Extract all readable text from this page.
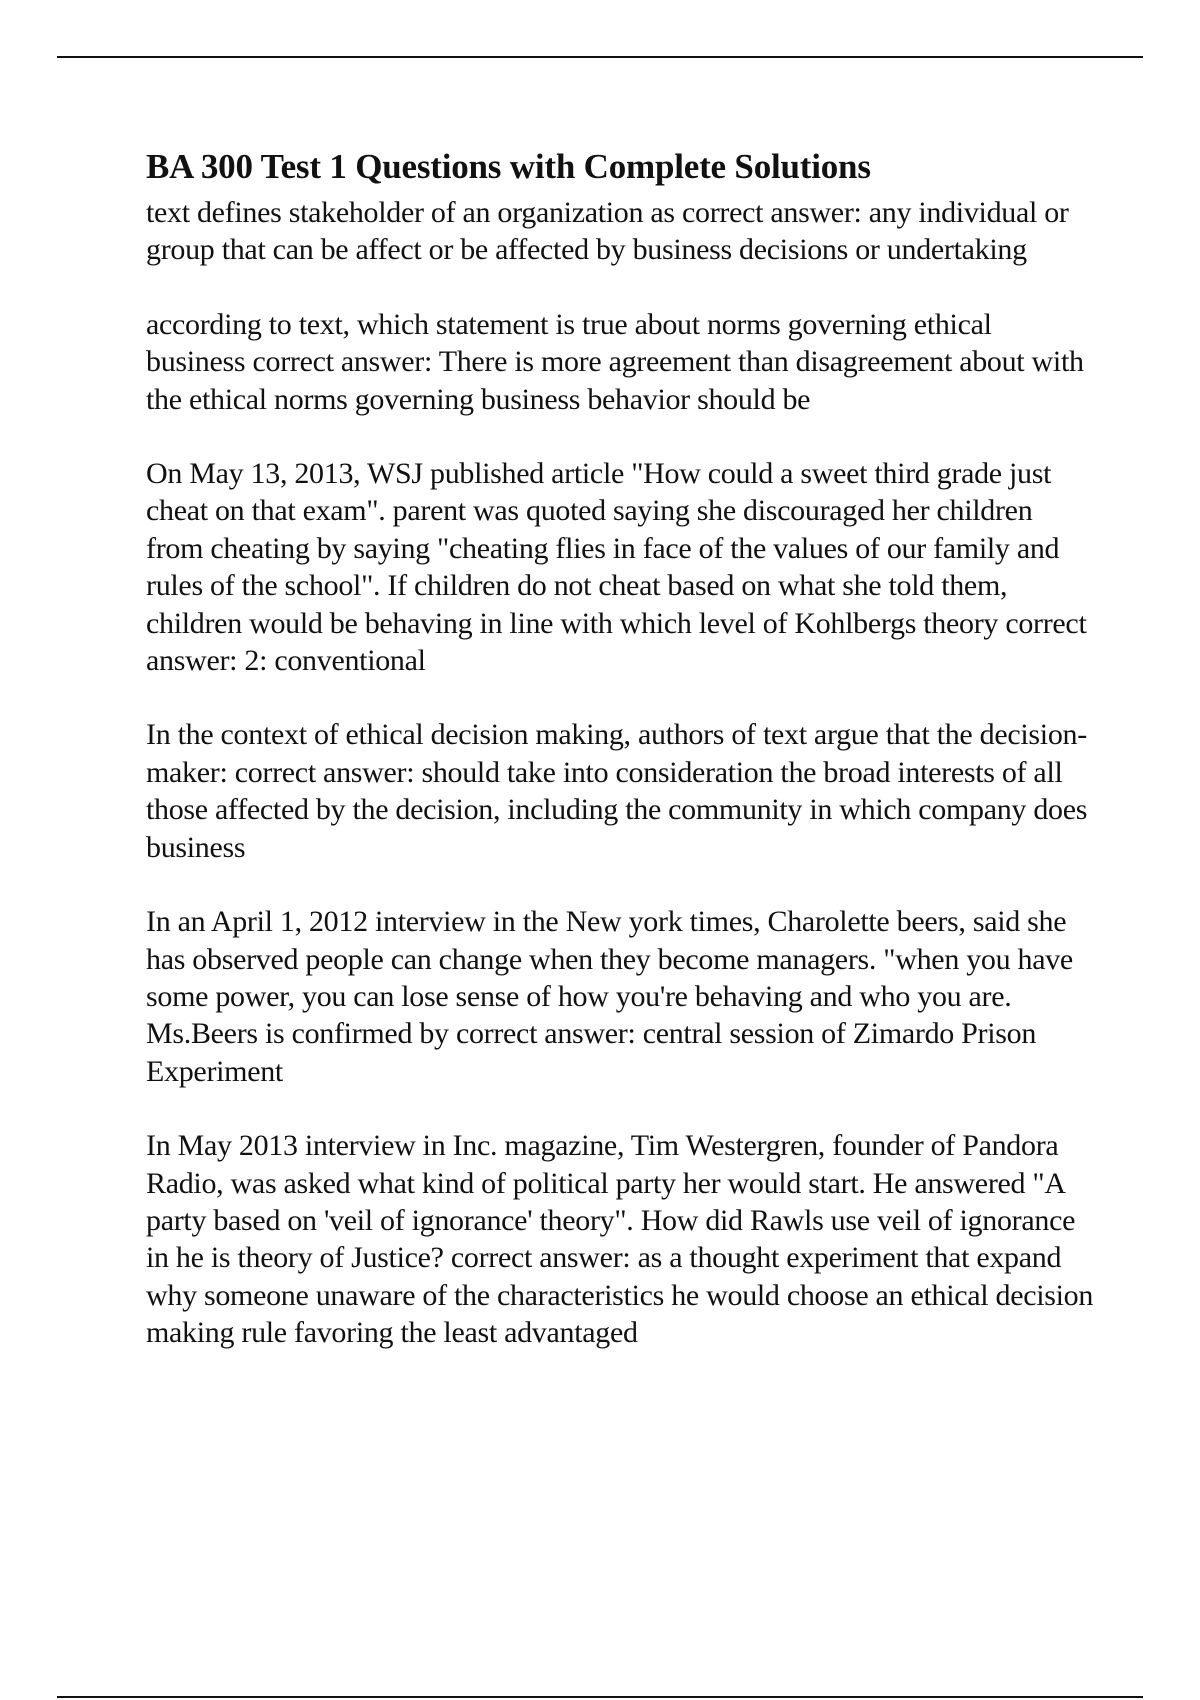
BA 300 Test 1 Questions with Complete Solutions

text defines stakeholder of an organization as correct answer: any individual or group that can be affect or be affected by business decisions or undertaking

according to text, which statement is true about norms governing ethical business correct answer: There is more agreement than disagreement about with the ethical norms governing business behavior should be

On May 13, 2013, WSJ published article "How could a sweet third grade just cheat on that exam". parent was quoted saying she discouraged her children from cheating by saying "cheating flies in face of the values of our family and rules of the school". If children do not cheat based on what she told them, children would be behaving in line with which level of Kohlbergs theory correct answer: 2: conventional

In the context of ethical decision making, authors of text argue that the decision-maker: correct answer: should take into consideration the broad interests of all those affected by the decision, including the community in which company does business

In an April 1, 2012 interview in the New york times, Charolette beers, said she has observed people can change when they become managers. "when you have some power, you can lose sense of how you're behaving and who you are. Ms.Beers is confirmed by correct answer: central session of Zimardo Prison Experiment

In May 2013 interview in Inc. magazine, Tim Westergren, founder of Pandora Radio, was asked what kind of political party her would start. He answered "A party based on 'veil of ignorance' theory". How did Rawls use veil of ignorance in he is theory of Justice? correct answer: as a thought experiment that expand why someone unaware of the characteristics he would choose an ethical decision making rule favoring the least advantaged
